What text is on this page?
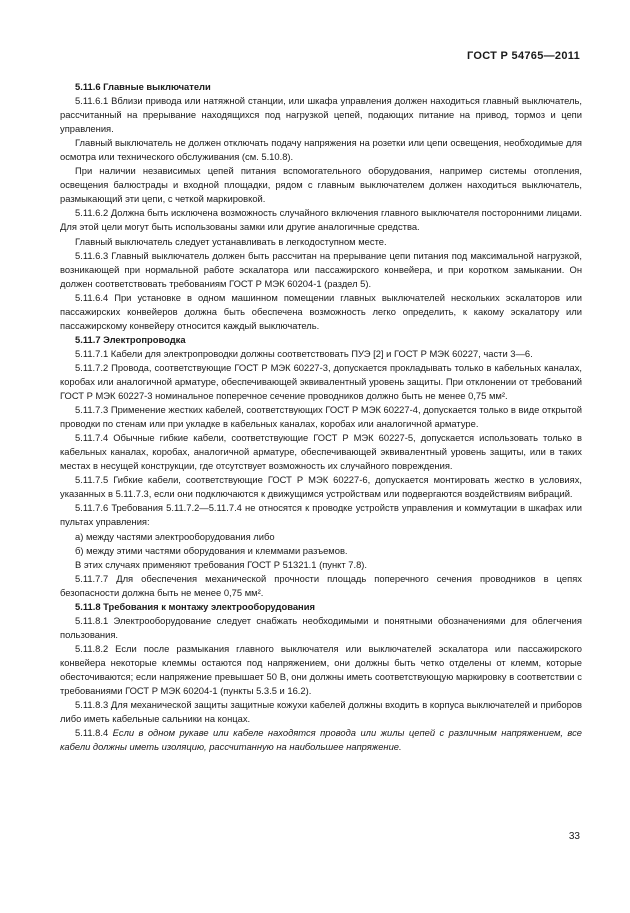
ГОСТ Р 54765—2011

5.11.6 Главные выключатели

5.11.6.1 Вблизи привода или натяжной станции, или шкафа управления должен находиться главный выключатель, рассчитанный на прерывание находящихся под нагрузкой цепей, подающих питание на привод, тормоз и цепи управления.

Главный выключатель не должен отключать подачу напряжения на розетки или цепи освещения, необходимые для осмотра или технического обслуживания (см. 5.10.8).

При наличии независимых цепей питания вспомогательного оборудования, например системы отопления, освещения балюстрады и входной площадки, рядом с главным выключателем должен находиться выключатель, размыкающий эти цепи, с четкой маркировкой.

5.11.6.2 Должна быть исключена возможность случайного включения главного выключателя посторонними лицами. Для этой цели могут быть использованы замки или другие аналогичные средства.

Главный выключатель следует устанавливать в легкодоступном месте.

5.11.6.3 Главный выключатель должен быть рассчитан на прерывание цепи питания под максимальной нагрузкой, возникающей при нормальной работе эскалатора или пассажирского конвейера, и при коротком замыкании. Он должен соответствовать требованиям ГОСТ Р МЭК 60204-1 (раздел 5).

5.11.6.4 При установке в одном машинном помещении главных выключателей нескольких эскалаторов или пассажирских конвейеров должна быть обеспечена возможность легко определить, к какому эскалатору или пассажирскому конвейеру относится каждый выключатель.

5.11.7 Электропроводка

5.11.7.1 Кабели для электропроводки должны соответствовать ПУЭ [2] и ГОСТ Р МЭК 60227, части 3—6.

5.11.7.2 Провода, соответствующие ГОСТ Р МЭК 60227-3, допускается прокладывать только в кабельных каналах, коробах или аналогичной арматуре, обеспечивающей эквивалентный уровень защиты. При отклонении от требований ГОСТ Р МЭК 60227-3 номинальное поперечное сечение проводников должно быть не менее 0,75 мм².

5.11.7.3 Применение жестких кабелей, соответствующих ГОСТ Р МЭК 60227-4, допускается только в виде открытой проводки по стенам или при укладке в кабельных каналах, коробах или аналогичной арматуре.

5.11.7.4 Обычные гибкие кабели, соответствующие ГОСТ Р МЭК 60227-5, допускается использовать только в кабельных каналах, коробах, аналогичной арматуре, обеспечивающей эквивалентный уровень защиты, или в таких местах в несущей конструкции, где отсутствует возможность их случайного повреждения.

5.11.7.5 Гибкие кабели, соответствующие ГОСТ Р МЭК 60227-6, допускается монтировать жестко в условиях, указанных в 5.11.7.3, если они подключаются к движущимся устройствам или подвергаются воздействиям вибраций.

5.11.7.6 Требования 5.11.7.2—5.11.7.4 не относятся к проводке устройств управления и коммутации в шкафах или пультах управления:

а) между частями электрооборудования либо

б) между этими частями оборудования и клеммами разъемов.

В этих случаях применяют требования ГОСТ Р 51321.1 (пункт 7.8).

5.11.7.7 Для обеспечения механической прочности площадь поперечного сечения проводников в цепях безопасности должна быть не менее 0,75 мм².

5.11.8 Требования к монтажу электрооборудования

5.11.8.1 Электрооборудование следует снабжать необходимыми и понятными обозначениями для облегчения пользования.

5.11.8.2 Если после размыкания главного выключателя или выключателей эскалатора или пассажирского конвейера некоторые клеммы остаются под напряжением, они должны быть четко отделены от клемм, которые обесточиваются; если напряжение превышает 50 В, они должны иметь соответствующую маркировку в соответствии с требованиями ГОСТ Р МЭК 60204-1 (пункты 5.3.5 и 16.2).

5.11.8.3 Для механической защиты защитные кожухи кабелей должны входить в корпуса выключателей и приборов либо иметь кабельные сальники на концах.

5.11.8.4 Если в одном рукаве или кабеле находятся провода или жилы цепей с различным напряжением, все кабели должны иметь изоляцию, рассчитанную на наибольшее напряжение.

33
